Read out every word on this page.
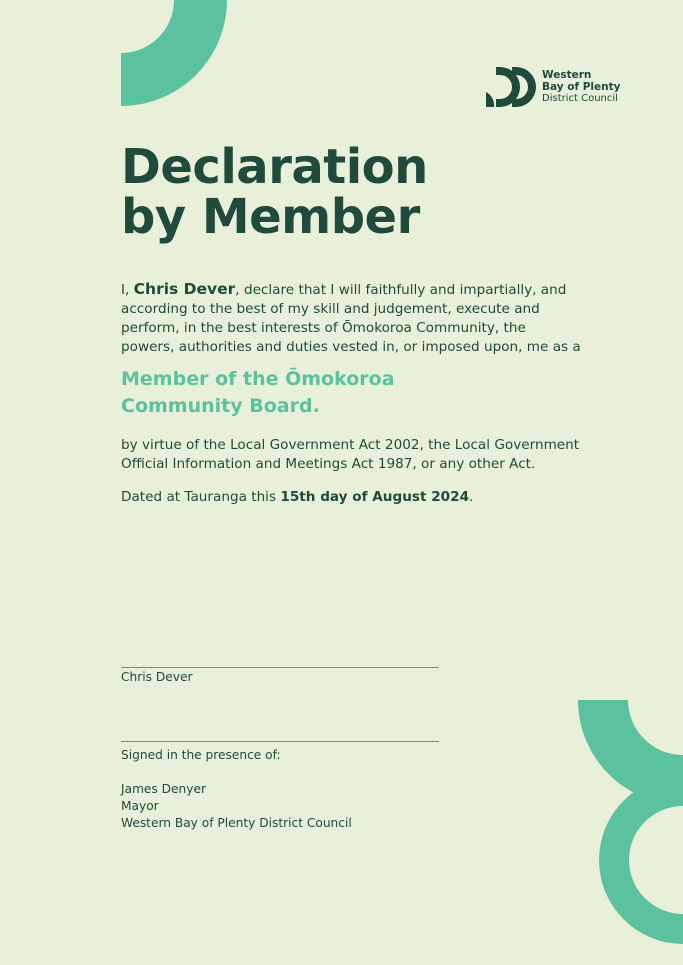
Western
Bay of Plenty
District Council
Declaration
by Member
I, Chris Dever, declare that I will faithfully and impartially, and according to the best of my skill and judgement, execute and perform, in the best interests of Ōmokoroa Community, the powers, authorities and duties vested in, or imposed upon, me as a
Member of the Ōmokoroa
Community Board.
by virtue of the Local Government Act 2002, the Local Government Official Information and Meetings Act 1987, or any other Act.
Dated at Tauranga this 15th day of August 2024.
Chris Dever
Signed in the presence of:
James Denyer
Mayor
Western Bay of Plenty District Council
